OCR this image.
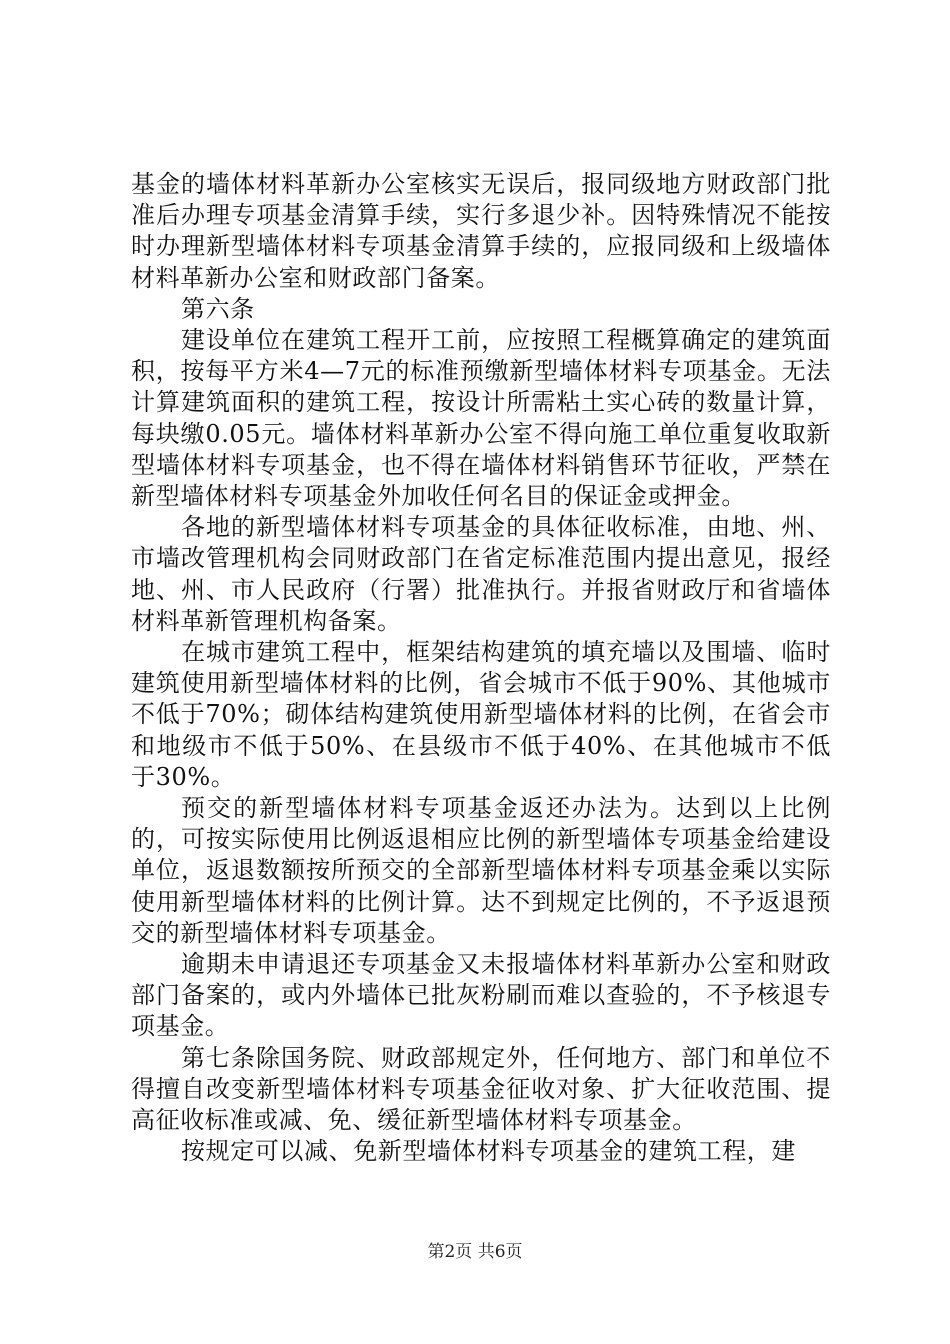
基金的墙体材料革新办公室核实无误后，报同级地方财政部门批准后办理专项基金清算手续，实行多退少补。因特殊情况不能按时办理新型墙体材料专项基金清算手续的，应报同级和上级墙体材料革新办公室和财政部门备案。

第六条

建设单位在建筑工程开工前，应按照工程概算确定的建筑面积，按每平方米4—7元的标准预缴新型墙体材料专项基金。无法计算建筑面积的建筑工程，按设计所需粘土实心砖的数量计算，每块缴0.05元。墙体材料革新办公室不得向施工单位重复收取新型墙体材料专项基金，也不得在墙体材料销售环节征收，严禁在新型墙体材料专项基金外加收任何名目的保证金或押金。

各地的新型墙体材料专项基金的具体征收标准，由地、州、市墙改管理机构会同财政部门在省定标准范围内提出意见，报经地、州、市人民政府（行署）批准执行。并报省财政厅和省墙体材料革新管理机构备案。

在城市建筑工程中，框架结构建筑的填充墙以及围墙、临时建筑使用新型墙体材料的比例，省会城市不低于90%、其他城市不低于70%；砌体结构建筑使用新型墙体材料的比例，在省会市和地级市不低于50%、在县级市不低于40%、在其他城市不低于30%。

预交的新型墙体材料专项基金返还办法为。达到以上比例的，可按实际使用比例返退相应比例的新型墙体专项基金给建设单位，返退数额按所预交的全部新型墙体材料专项基金乘以实际使用新型墙体材料的比例计算。达不到规定比例的，不予返退预交的新型墙体材料专项基金。

逾期未申请退还专项基金又未报墙体材料革新办公室和财政部门备案的，或内外墙体已批灰粉刷而难以查验的，不予核退专项基金。

第七条除国务院、财政部规定外，任何地方、部门和单位不得擅自改变新型墙体材料专项基金征收对象、扩大征收范围、提高征收标准或减、免、缓征新型墙体材料专项基金。

按规定可以减、免新型墙体材料专项基金的建筑工程，建

第2页 共6页
